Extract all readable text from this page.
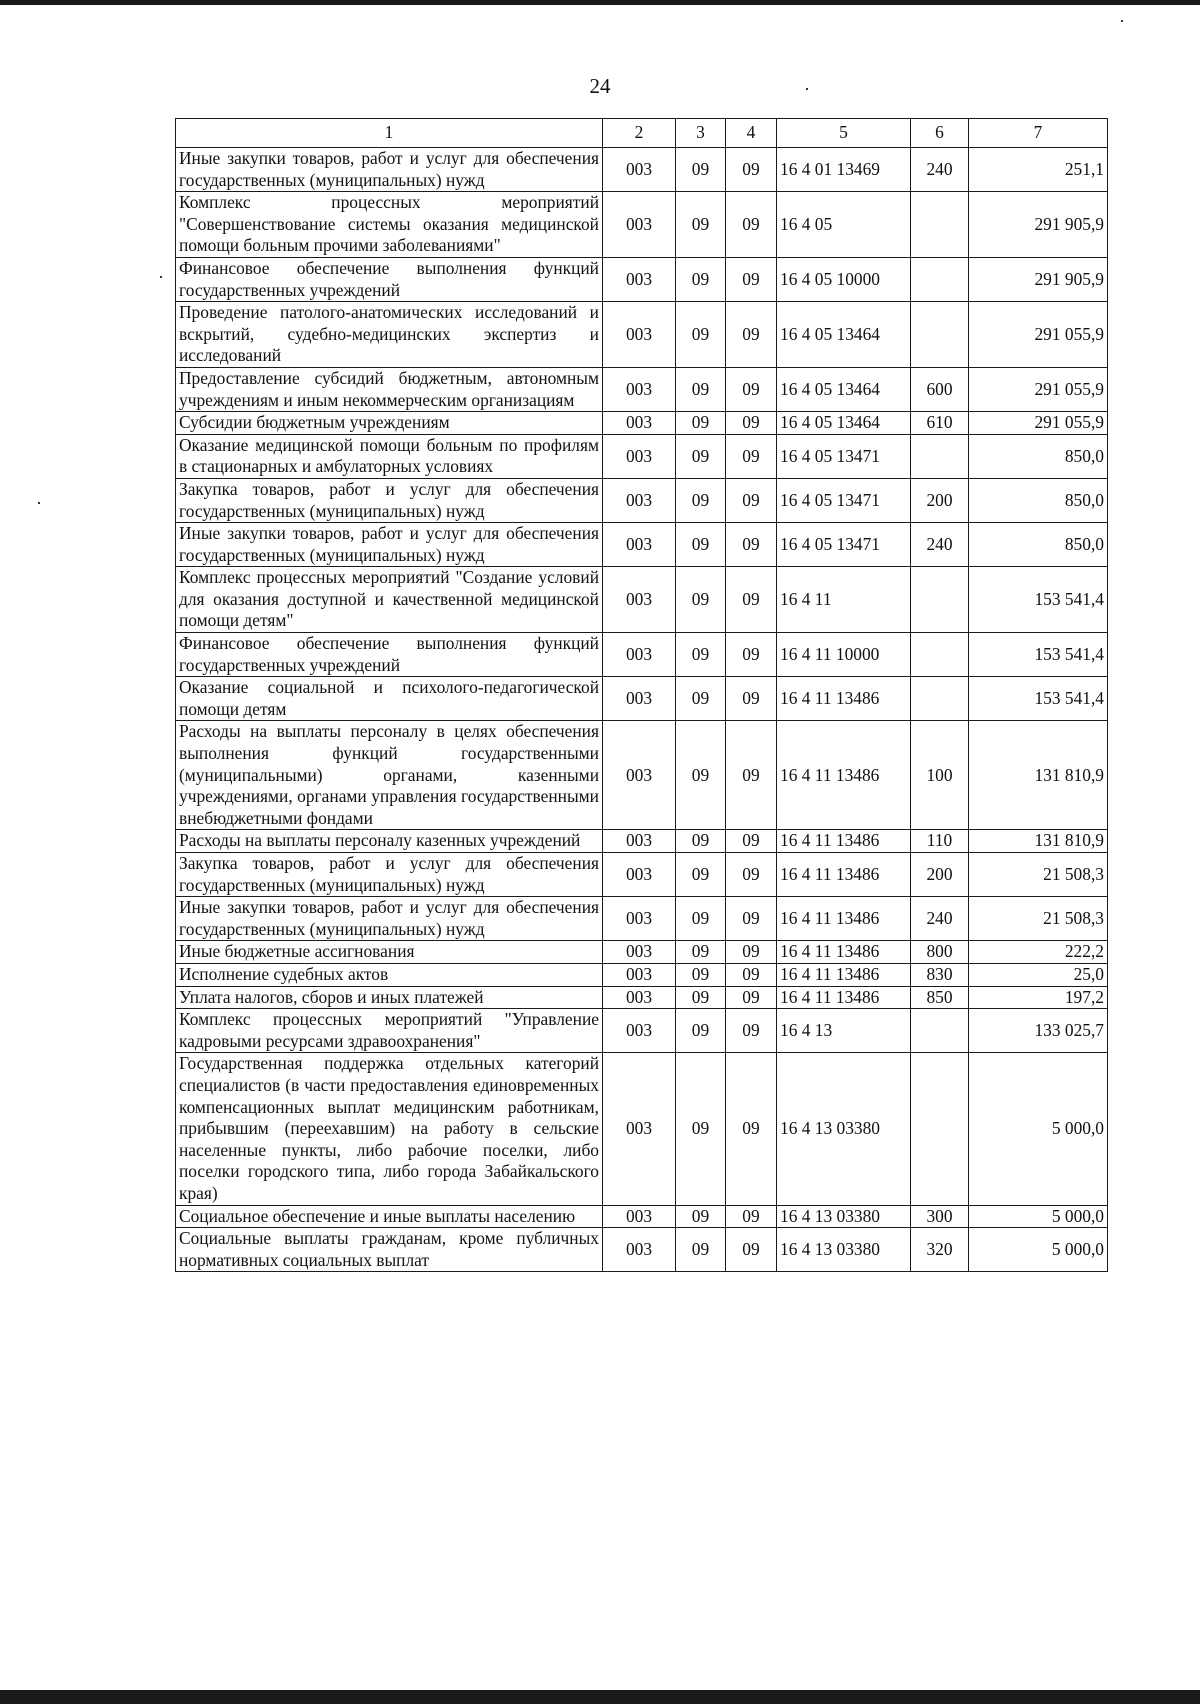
24
1	2	3	4	5	6	7
Иные закупки товаров, работ и услуг для обеспечения государственных (муниципальных) нужд	003	09	09	16 4 01 13469	240	251,1
Комплекс процессных мероприятий "Совершенствование системы оказания медицинской помощи больным прочими заболеваниями"	003	09	09	16 4 05		291 905,9
Финансовое обеспечение выполнения функций государственных учреждений	003	09	09	16 4 05 10000		291 905,9
Проведение патолого-анатомических исследований и вскрытий, судебно-медицинских экспертиз и исследований	003	09	09	16 4 05 13464		291 055,9
Предоставление субсидий бюджетным, автономным учреждениям и иным некоммерческим организациям	003	09	09	16 4 05 13464	600	291 055,9
Субсидии бюджетным учреждениям	003	09	09	16 4 05 13464	610	291 055,9
Оказание медицинской помощи больным по профилям в стационарных и амбулаторных условиях	003	09	09	16 4 05 13471		850,0
Закупка товаров, работ и услуг для обеспечения государственных (муниципальных) нужд	003	09	09	16 4 05 13471	200	850,0
Иные закупки товаров, работ и услуг для обеспечения государственных (муниципальных) нужд	003	09	09	16 4 05 13471	240	850,0
Комплекс процессных мероприятий "Создание условий для оказания доступной и качественной медицинской помощи детям"	003	09	09	16 4 11		153 541,4
Финансовое обеспечение выполнения функций государственных учреждений	003	09	09	16 4 11 10000		153 541,4
Оказание социальной и психолого-педагогической помощи детям	003	09	09	16 4 11 13486		153 541,4
Расходы на выплаты персоналу в целях обеспечения выполнения функций государственными (муниципальными) органами, казенными учреждениями, органами управления государственными внебюджетными фондами	003	09	09	16 4 11 13486	100	131 810,9
Расходы на выплаты персоналу казенных учреждений	003	09	09	16 4 11 13486	110	131 810,9
Закупка товаров, работ и услуг для обеспечения государственных (муниципальных) нужд	003	09	09	16 4 11 13486	200	21 508,3
Иные закупки товаров, работ и услуг для обеспечения государственных (муниципальных) нужд	003	09	09	16 4 11 13486	240	21 508,3
Иные бюджетные ассигнования	003	09	09	16 4 11 13486	800	222,2
Исполнение судебных актов	003	09	09	16 4 11 13486	830	25,0
Уплата налогов, сборов и иных платежей	003	09	09	16 4 11 13486	850	197,2
Комплекс процессных мероприятий "Управление кадровыми ресурсами здравоохранения"	003	09	09	16 4 13		133 025,7
Государственная поддержка отдельных категорий специалистов (в части предоставления единовременных компенсационных выплат медицинским работникам, прибывшим (переехавшим) на работу в сельские населенные пункты, либо рабочие поселки, либо поселки городского типа, либо города Забайкальского края)	003	09	09	16 4 13 03380		5 000,0
Социальное обеспечение и иные выплаты населению	003	09	09	16 4 13 03380	300	5 000,0
Социальные выплаты гражданам, кроме публичных нормативных социальных выплат	003	09	09	16 4 13 03380	320	5 000,0
